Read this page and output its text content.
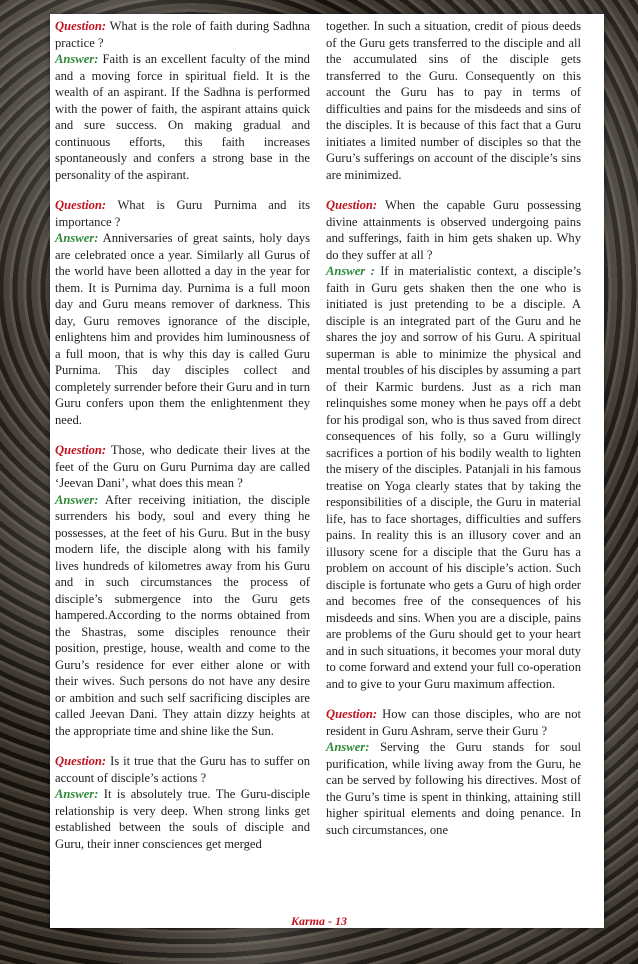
Question: What is the role of faith during Sadhna practice ?

Answer: Faith is an excellent faculty of the mind and a moving force in spiritual field. It is the wealth of an aspirant. If the Sadhna is performed with the power of faith, the aspirant attains quick and sure success. On making gradual and continuous efforts, this faith increases spontaneously and confers a strong base in the personality of the aspirant.

Question: What is Guru Purnima and its importance ?

Answer: Anniversaries of great saints, holy days are celebrated once a year. Similarly all Gurus of the world have been allotted a day in the year for them. It is Purnima day. Purnima is a full moon day and Guru means remover of darkness. This day, Guru removes ignorance of the disciple, enlightens him and provides him luminousness of a full moon, that is why this day is called Guru Purnima. This day disciples collect and completely surrender before their Guru and in turn Guru confers upon them the enlightenment they need.

Question: Those, who dedicate their lives at the feet of the Guru on Guru Purnima day are called ‘Jeevan Dani’, what does this mean ?

Answer: After receiving initiation, the disciple surrenders his body, soul and every thing he possesses, at the feet of his Guru. But in the busy modern life, the disciple along with his family lives hundreds of kilometres away from his Guru and in such circumstances the process of disciple’s submergence into the Guru gets hampered.According to the norms obtained from the Shastras, some disciples renounce their position, prestige, house, wealth and come to the Guru’s residence for ever either alone or with their wives. Such persons do not have any desire or ambition and such self sacrificing disciples are called Jeevan Dani. They attain dizzy heights at the appropriate time and shine like the Sun.

Question: Is it true that the Guru has to suffer on account of disciple’s actions ?

Answer: It is absolutely true. The Guru-disciple relationship is very deep. When strong links get established between the souls of disciple and Guru, their inner consciences get merged

together. In such a situation, credit of pious deeds of the Guru gets transferred to the disciple and all the accumulated sins of the disciple gets transferred to the Guru. Consequently on this account the Guru has to pay in terms of difficulties and pains for the misdeeds and sins of the disciples. It is because of this fact that a Guru initiates a limited number of disciples so that the Guru’s sufferings on account of the disciple’s sins are minimized.

Question: When the capable Guru possessing divine attainments is observed undergoing pains and sufferings, faith in him gets shaken up. Why do they suffer at all ?

Answer : If in materialistic context, a disciple’s faith in Guru gets shaken then the one who is initiated is just pretending to be a disciple. A disciple is an integrated part of the Guru and he shares the joy and sorrow of his Guru. A spiritual superman is able to minimize the physical and mental troubles of his disciples by assuming a part of their Karmic burdens. Just as a rich man relinquishes some money when he pays off a debt for his prodigal son, who is thus saved from direct consequences of his folly, so a Guru willingly sacrifices a portion of his bodily wealth to lighten the misery of the disciples. Patanjali in his famous treatise on Yoga clearly states that by taking the responsibilities of a disciple, the Guru in material life, has to face shortages, difficulties and suffers pains. In reality this is an illusory cover and an illusory scene for a disciple that the Guru has a problem on account of his disciple’s action. Such disciple is fortunate who gets a Guru of high order and becomes free of the consequences of his misdeeds and sins. When you are a disciple, pains are problems of the Guru should get to your heart and in such situations, it becomes your moral duty to come forward and extend your full co-operation and to give to your Guru maximum affection.

Question: How can those disciples, who are not resident in Guru Ashram, serve their Guru ?

Answer: Serving the Guru stands for soul purification, while living away from the Guru, he can be served by following his directives. Most of the Guru’s time is spent in thinking, attaining still higher spiritual elements and doing penance. In such circumstances, one

Karma - 13
